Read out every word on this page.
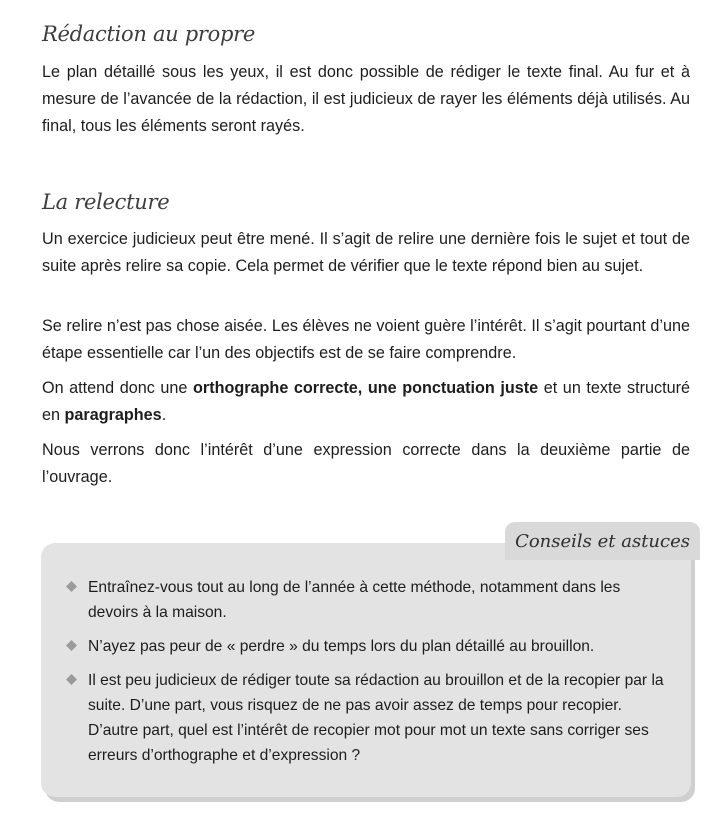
Rédaction au propre

Le plan détaillé sous les yeux, il est donc possible de rédiger le texte final. Au fur et à mesure de l’avancée de la rédaction, il est judicieux de rayer les éléments déjà utilisés. Au final, tous les éléments seront rayés.

La relecture

Un exercice judicieux peut être mené. Il s’agit de relire une dernière fois le sujet et tout de suite après relire sa copie. Cela permet de vérifier que le texte répond bien au sujet.

Se relire n’est pas chose aisée. Les élèves ne voient guère l’intérêt. Il s’agit pourtant d’une étape essentielle car l’un des objectifs est de se faire comprendre.

On attend donc une orthographe correcte, une ponctuation juste et un texte structuré en paragraphes.

Nous verrons donc l’intérêt d’une expression correcte dans la deuxième partie de l’ouvrage.

Conseils et astuces
Entraînez-vous tout au long de l’année à cette méthode, notamment dans les devoirs à la maison.
N’ayez pas peur de « perdre » du temps lors du plan détaillé au brouillon.
Il est peu judicieux de rédiger toute sa rédaction au brouillon et de la recopier par la suite. D’une part, vous risquez de ne pas avoir assez de temps pour recopier. D’autre part, quel est l’intérêt de recopier mot pour mot un texte sans corriger ses erreurs d’orthographe et d’expression ?
